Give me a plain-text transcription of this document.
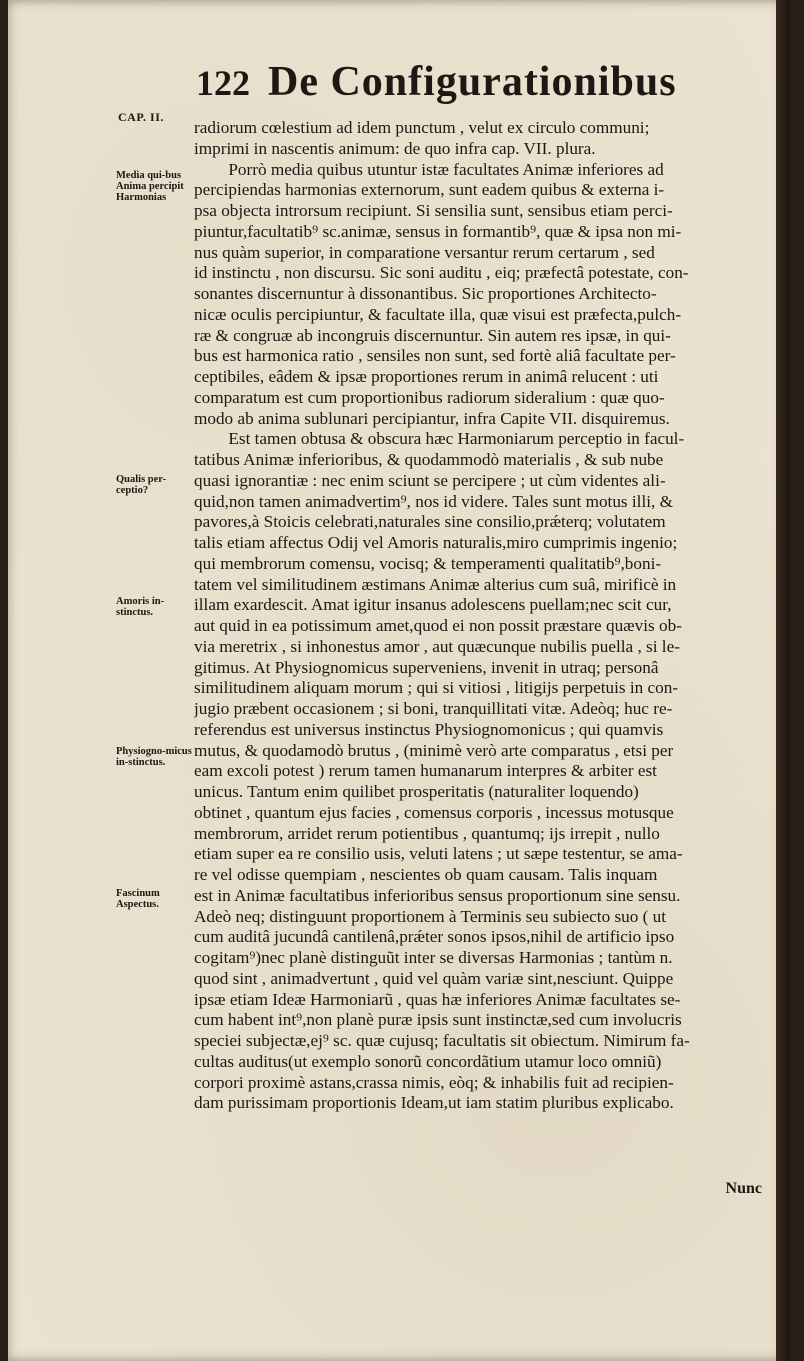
122 De Configurationibus
CAP. II.
Media qui-bus Anima percipit Harmonias
Qualis per-ceptio?
Amoris in-stinctus.
Physiogno-micus in-stinctus.
Fascinum Aspectus.
radiorum cœlestium ad idem punctum , velut ex circulo communi;
imprimi in nascentis animum: de quo infra cap. VII. plura.
  Porrò media quibus utuntur istæ facultates Animæ inferiores ad
percipiendas harmonias externorum, sunt eadem quibus & externa i-
psa objecta introrsum recipiunt. Si sensilia sunt, sensibus etiam perci-
piuntur,facultatib⁹ sc.animæ, sensus in formantib⁹, quæ & ipsa non mi-
nus quàm superior, in comparatione versantur rerum certarum , sed
id instinctu , non discursu. Sic soni auditu , eiq; præfectâ potestate, con-
sonantes discernuntur à dissonantibus. Sic proportiones Architecto-
nicæ oculis percipiuntur, & facultate illa, quæ visui est præfecta,pulch-
ræ & congruæ ab incongruis discernuntur. Sin autem res ipsæ, in qui-
bus est harmonica ratio , sensiles non sunt, sed fortè aliâ facultate per-
ceptibiles, eâdem & ipsæ proportiones rerum in animâ relucent : uti
comparatum est cum proportionibus radiorum sideralium : quæ quo-
modo ab anima sublunari percipiantur, infra Capite VII. disquiremus.
  Est tamen obtusa & obscura hæc Harmoniarum perceptio in facul-
tatibus Animæ inferioribus, & quodammodò materialis , & sub nube
quasi ignorantiæ : nec enim sciunt se percipere ; ut cùm videntes ali-
quid,non tamen animadvertim⁹, nos id videre. Tales sunt motus illi, &
pavores,à Stoicis celebrati,naturales sine consilio,prǽterq; volutatem
talis etiam affectus Odij vel Amoris naturalis,miro cumprimis ingenio;
qui membrorum comensu, vocisq; & temperamenti qualitatib⁹,boni-
tatem vel similitudinem æstimans Animæ alterius cum suâ, mirificè in
illam exardescit. Amat igitur insanus adolescens puellam;nec scit cur,
aut quid in ea potissimum amet,quod ei non possit præstare quævis ob-
via meretrix , si inhonestus amor , aut quæcunque nubilis puella , si le-
gitimus. At Physiognomicus superveniens, invenit in utraq; personâ
similitudinem aliquam morum ; qui si vitiosi , litigijs perpetuis in con-
jugio præbent occasionem ; si boni, tranquillitati vitæ. Adeòq; huc re-
referendus est universus instinctus Physiognomonicus ; qui quamvis
mutus, & quodamodò brutus , (minimè verò arte comparatus , etsi per
eam excoli potest ) rerum tamen humanarum interpres & arbiter est
unicus. Tantum enim quilibet prosperitatis (naturaliter loquendo)
obtinet , quantum ejus facies , comensus corporis , incessus motusque
membrorum, arridet rerum potientibus , quantumq; ijs irrepit , nullo
etiam super ea re consilio usis, veluti latens ; ut sæpe testentur, se ama-
re vel odisse quempiam , nescientes ob quam causam. Talis inquam
est in Animæ facultatibus inferioribus sensus proportionum sine sensu.
Adeò neq; distinguunt proportionem à Terminis seu subiecto suo ( ut
cum auditâ jucundâ cantilenâ,prǽter sonos ipsos,nihil de artificio ipso
cogitam⁹)nec planè distinguũt inter se diversas Harmonias ; tantùm n.
quod sint , animadvertunt , quid vel quàm variæ sint,nesciunt. Quippe
ipsæ etiam Ideæ Harmoniarũ , quas hæ inferiores Animæ facultates se-
cum habent int⁹,non planè puræ ipsis sunt instinctæ,sed cum involucris
speciei subjectæ,ej⁹ sc. quæ cujusq; facultatis sit obiectum. Nimirum fa-
cultas auditus(ut exemplo sonorũ concordãtium utamur loco omniũ)
corpori proximè astans,crassa nimis, eòq; & inhabilis fuit ad recipien-
dam purissimam proportionis Ideam,ut iam statim pluribus explicabo.
Nunc
